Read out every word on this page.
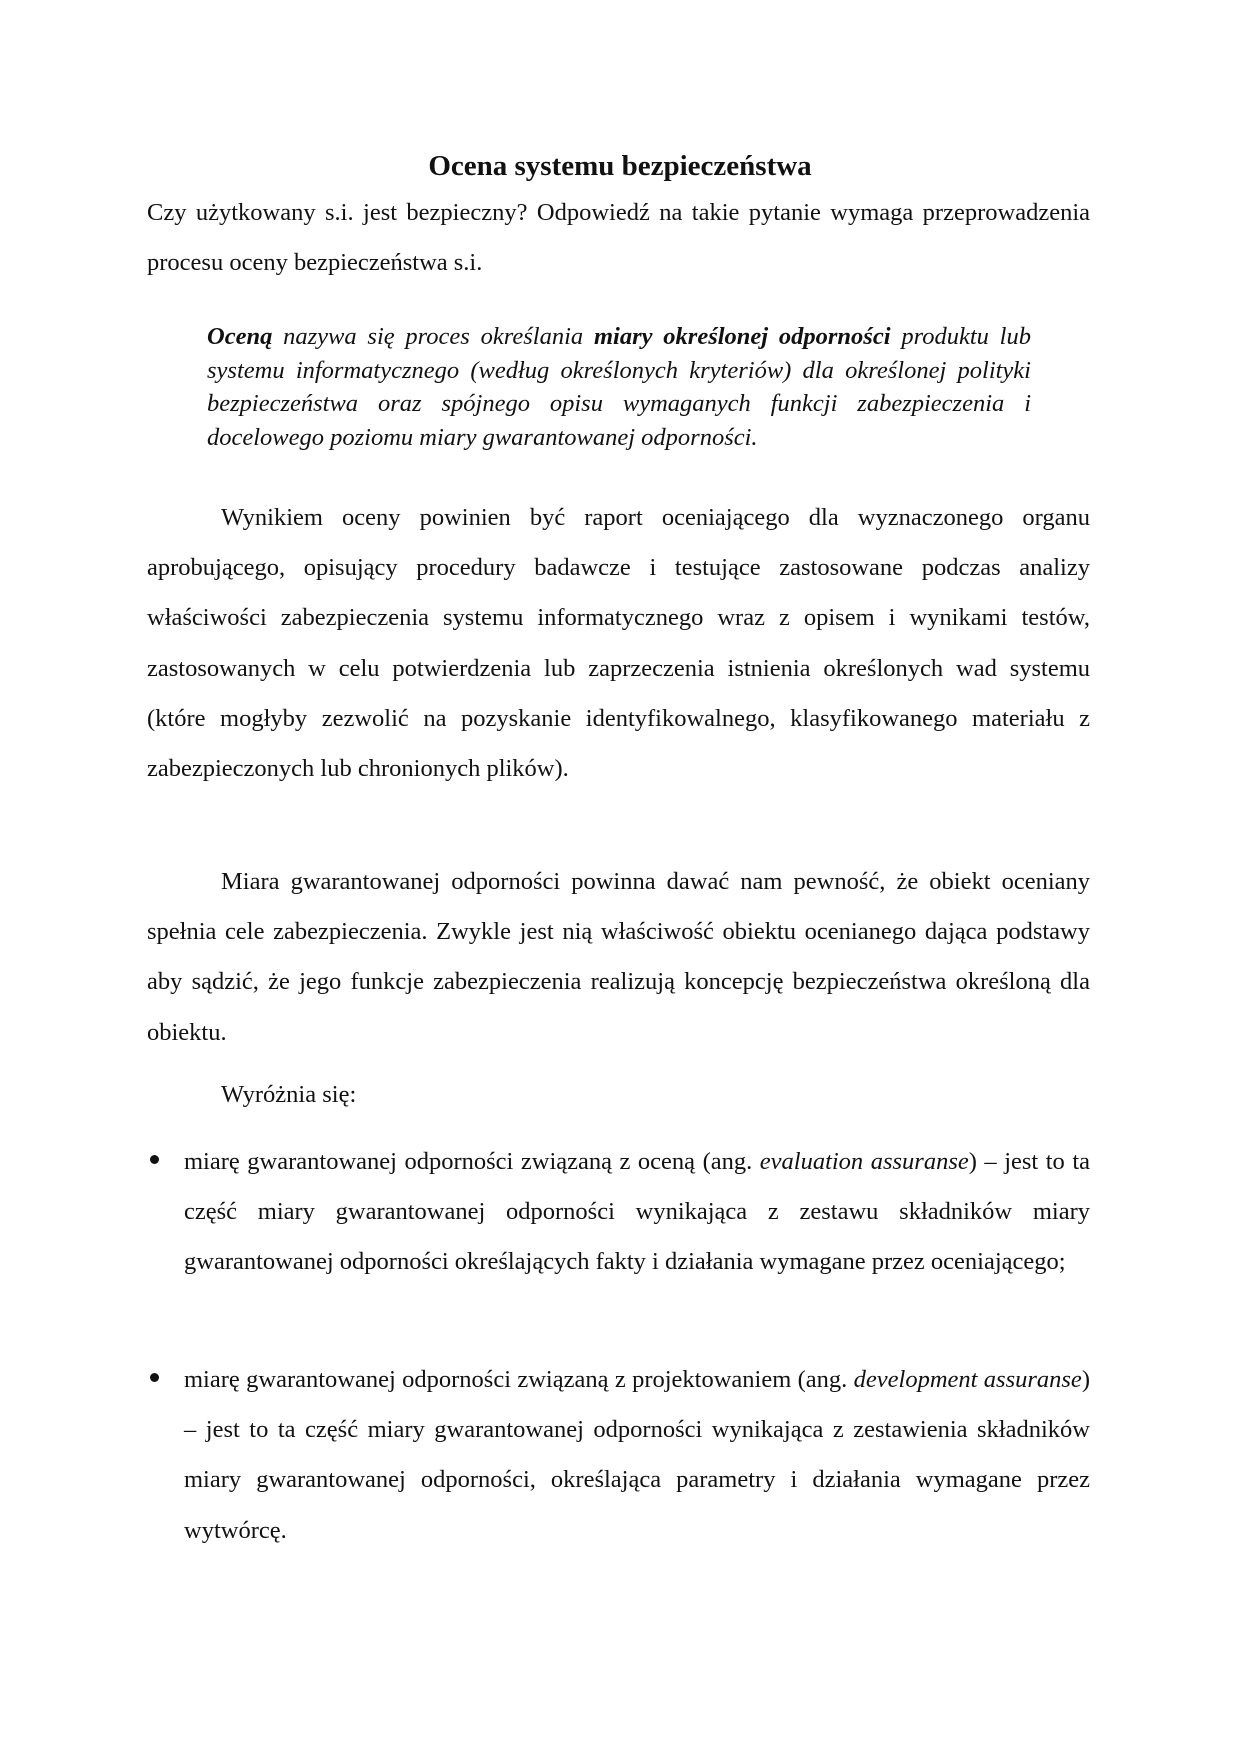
Ocena systemu bezpieczeństwa

Czy użytkowany s.i. jest bezpieczny? Odpowiedź na takie pytanie wymaga przeprowadzenia procesu oceny bezpieczeństwa s.i.

Oceną nazywa się proces określania miary określonej odporności produktu lub systemu informatycznego (według określonych kryteriów) dla określonej polityki bezpieczeństwa oraz spójnego opisu wymaganych funkcji zabezpieczenia i docelowego poziomu miary gwarantowanej odporności.

Wynikiem oceny powinien być raport oceniającego dla wyznaczonego organu aprobującego, opisujący procedury badawcze i testujące zastosowane podczas analizy właściwości zabezpieczenia systemu informatycznego wraz z opisem i wynikami testów, zastosowanych w celu potwierdzenia lub zaprzeczenia istnienia określonych wad systemu (które mogłyby zezwolić na pozyskanie identyfikowalnego, klasyfikowanego materiału z zabezpieczonych lub chronionych plików).

Miara gwarantowanej odporności powinna dawać nam pewność, że obiekt oceniany spełnia cele zabezpieczenia. Zwykle jest nią właściwość obiektu ocenianego dająca podstawy aby sądzić, że jego funkcje zabezpieczenia realizują koncepcję bezpieczeństwa określoną dla obiektu.

Wyróżnia się:

miarę gwarantowanej odporności związaną z oceną (ang. evaluation assuranse) – jest to ta część miary gwarantowanej odporności wynikająca z zestawu składników miary gwarantowanej odporności określających fakty i działania wymagane przez oceniającego;

miarę gwarantowanej odporności związaną z projektowaniem (ang. development assuranse) – jest to ta część miary gwarantowanej odporności wynikająca z zestawienia składników miary gwarantowanej odporności, określająca parametry i działania wymagane przez wytwórcę.
